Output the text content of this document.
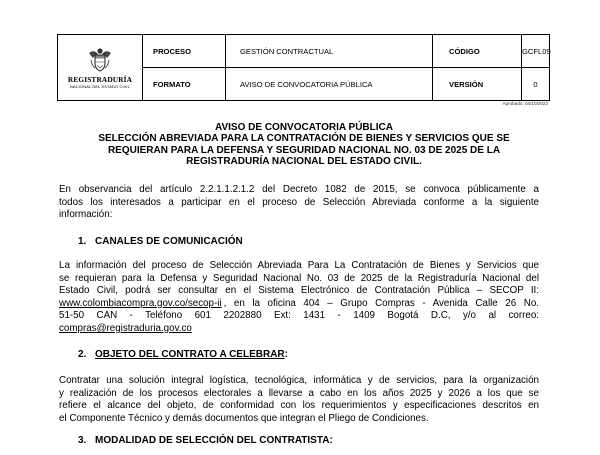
REGISTRADURÍA
NACIONAL DEL ESTADO CIVIL	PROCESO	GESTIÓN CONTRACTUAL	CÓDIGO	GCFL09
	FORMATO	AVISO DE CONVOCATORIA PÚBLICA	VERSIÓN	0
Aprobado: 04/10/2022
AVISO DE CONVOCATORIA PÚBLICA
SELECCIÓN ABREVIADA PARA LA CONTRATACIÓN DE BIENES Y SERVICIOS QUE SE
REQUIERAN PARA LA DEFENSA Y SEGURIDAD NACIONAL NO. 03 DE 2025 DE LA
REGISTRADURÍA NACIONAL DEL ESTADO CIVIL.
En observancia del artículo 2.2.1.1.2.1.2 del Decreto 1082 de 2015, se convoca públicamente a
todos los interesados a participar en el proceso de Selección Abreviada conforme a la siguiente
información:
1. CANALES DE COMUNICACIÓN
La información del proceso de Selección Abreviada Para La Contratación de Bienes y Servicios que
se requieran para la Defensa y Seguridad Nacional No. 03 de 2025 de la Registraduría Nacional del
Estado Civil, podrá ser consultar en el Sistema Electrónico de Contratación Pública – SECOP II:
www.colombiacompra.gov.co/secop-ii , en la oficina 404 – Grupo Compras - Avenida Calle 26 No.
51-50 CAN - Teléfono 601 2202880 Ext: 1431 - 1409 Bogotá D.C, y/o al correo:
compras@registraduria.gov.co
2. OBJETO DEL CONTRATO A CELEBRAR:
Contratar una solución integral logística, tecnológica, informática y de servicios, para la organización
y realización de los procesos electorales a llevarse a cabo en los años 2025 y 2026 a los que se
refiere el alcance del objeto, de conformidad con los requerimientos y especificaciones descritos en
el Componente Técnico y demás documentos que integran el Pliego de Condiciones.
3. MODALIDAD DE SELECCIÓN DEL CONTRATISTA:
